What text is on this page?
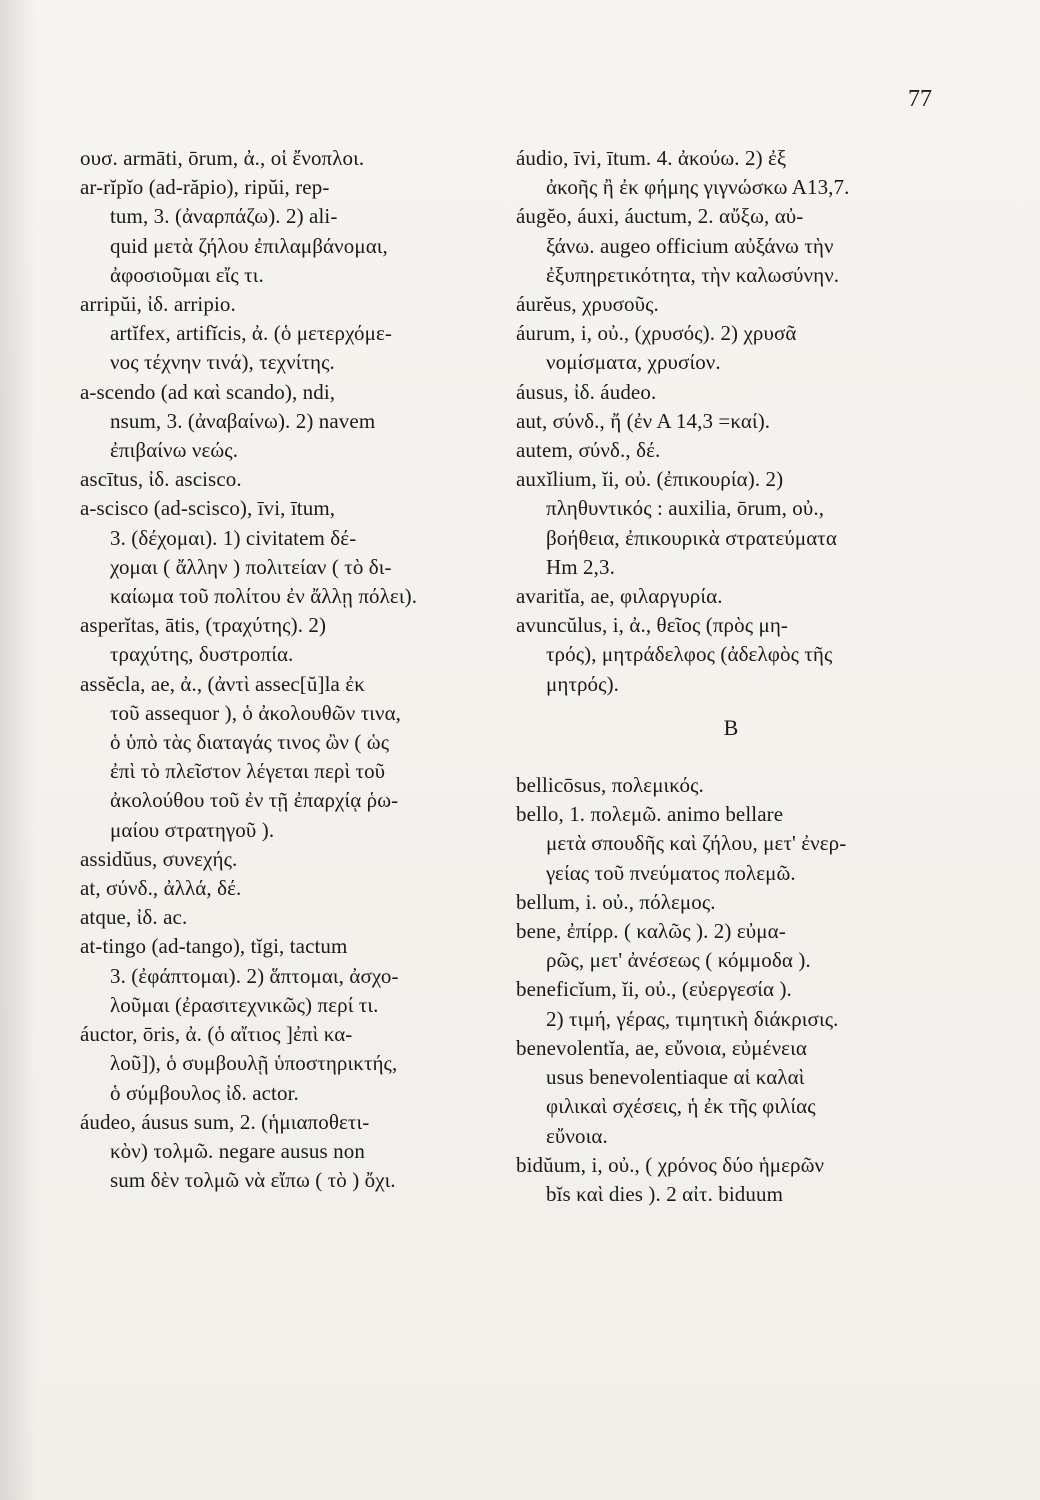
77
ουσ. armāti, ōrum, ἀ., οἱ ἔνοπλοι.
ar-rĭpĭo (ad-răpio), ripŭi, rep-
tum, 3. (ἀναρπάζω). 2) ali-
quid μετὰ ζήλου ἐπιλαμβάνομαι,
ἀφοσιοῦμαι εἴς τι.
arripŭi, ἰδ. arripio.
artĭfex, artifĭcis, ἀ. (ὁ μετερχόμε-
νος τέχνην τινά), τεχνίτης.
a-scendo (ad καὶ scando), ndi,
nsum, 3. (ἀναβαίνω). 2) navem
ἐπιβαίνω νεώς.
ascītus, ἰδ. ascisco.
a-scisco (ad-scisco), īvi, ītum,
3. (δέχομαι). 1) civitatem δέ-
χομαι ( ἄλλην ) πολιτείαν ( τὸ δι-
καίωμα τοῦ πολίτου ἐν ἄλλῃ πόλει).
asperĭtas, ātis, (τραχύτης). 2)
τραχύτης, δυστροπία.
assĕcla, ae, ἀ., (ἀντὶ assec[ŭ]la ἐκ
τοῦ assequor ), ὁ ἀκολουθῶν τινα,
ὁ ὑπὸ τὰς διαταγάς τινος ὢν ( ὡς
ἐπὶ τὸ πλεῖστον λέγεται περὶ τοῦ
ἀκολούθου τοῦ ἐν τῇ ἐπαρχίᾳ ῥω-
μαίου στρατηγοῦ ).
assidŭus, συνεχής.
at, σύνδ., ἀλλά, δέ.
atque, ἰδ. ac.
at-tingo (ad-tango), tĭgi, tactum
3. (ἐφάπτομαι). 2) ἅπτομαι, ἀσχο-
λοῦμαι (ἐρασιτεχνικῶς) περί τι.
áuctor, ōris, ἀ. (ὁ αἴτιος ]ἐπὶ κα-
λοῦ]), ὁ συμβουλῇ ὑποστηρικτής,
ὁ σύμβουλος ἰδ. actor.
áudeo, áusus sum, 2. (ἡμιαποθετι-
κὸν) τολμῶ. negare ausus non
sum δὲν τολμῶ νὰ εἴπω ( τὸ ) ὄχι.
áudio, īvi, ītum. 4. ἀκούω. 2) ἐξ
ἀκοῆς ἢ ἐκ φήμης γιγνώσκω Α13,7.
áugĕo, áuxi, áuctum, 2. αὔξω, αὐ-
ξάνω. augeo officium αὐξάνω τὴν
ἐξυπηρετικότητα, τὴν καλωσύνην.
áurĕus, χρυσοῦς.
áurum, i, οὐ., (χρυσός). 2) χρυσᾶ
νομίσματα, χρυσίον.
áusus, ἰδ. áudeo.
aut, σύνδ., ἤ (ἐν Α 14,3 =καί).
autem, σύνδ., δέ.
auxĭlium, ĭi, οὐ. (ἐπικουρία). 2)
πληθυντικός : auxilia, ōrum, οὐ.,
βοήθεια, ἐπικουρικὰ στρατεύματα
Hm 2,3.
avaritĭa, ae, φιλαργυρία.
avuncŭlus, i, ἀ., θεῖος (πρὸς μη-
τρός), μητράδελφος (ἀδελφὸς τῆς
μητρός).
B
bellicōsus, πολεμικός.
bello, 1. πολεμῶ. animo bellare
μετὰ σπουδῆς καὶ ζήλου, μετ' ἐνερ-
γείας τοῦ πνεύματος πολεμῶ.
bellum, i. οὐ., πόλεμος.
bene, ἐπίρρ. ( καλῶς ). 2) εὐμα-
ρῶς, μετ' ἀνέσεως ( κόμμοδα ).
beneficĭum, ĭi, οὐ., (εὐεργεσία ).
2) τιμή, γέρας, τιμητικὴ διάκρισις.
benevolentĭa, ae, εὔνοια, εὐμένεια
usus benevolentiaque αἱ καλαὶ
φιλικαὶ σχέσεις, ἡ ἐκ τῆς φιλίας
εὔνοια.
bidŭum, i, οὐ., ( χρόνος δύο ἡμερῶν
bĭs καὶ dies ). 2 αἰτ. biduum
